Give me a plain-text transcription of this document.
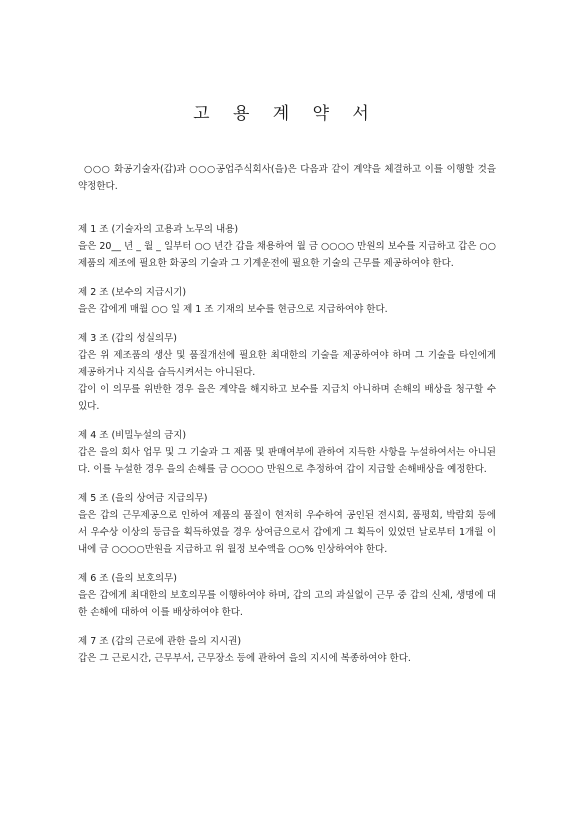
고 용 계 약 서

○○○ 화공기술자(갑)과 ○○○공업주식회사(을)은 다음과 같이 계약을 체결하고 이를 이행할 것을 약정한다.

제 1 조 (기술자의 고용과 노무의 내용)

을은 20__ 년 _ 월 _ 일부터 ○○ 년간 갑을 채용하여 월 금 ○○○○ 만원의 보수를 지급하고 갑은 ○○ 제품의 제조에 필요한 화공의 기술과 그 기계운전에 필요한 기술의 근무를 제공하여야 한다.

제 2 조 (보수의 지급시기)

을은 갑에게 매월 ○○ 일 제 1 조 기재의 보수를 현금으로 지급하여야 한다.

제 3 조 (갑의 성실의무)

갑은 위 제조품의 생산 및 품질개선에 필요한 최대한의 기술을 제공하여야 하며 그 기술을 타인에게 제공하거나 지식을 습득시켜서는 아니된다.

갑이 이 의무를 위반한 경우 을은 계약을 해지하고 보수를 지급치 아니하며 손해의 배상을 청구할 수 있다.

제 4 조 (비밀누설의 금지)

갑은 을의 회사 업무 및 그 기술과 그 제품 및 판매여부에 관하여 지득한 사항을 누설하여서는 아니된다. 이를 누설한 경우 을의 손해를 금 ○○○○ 만원으로 추정하여 갑이 지급할 손해배상을 예정한다.

제 5 조 (을의 상여금 지급의무)

을은 갑의 근무제공으로 인하여 제품의 품질이 현저히 우수하여 공인된 전시회, 품평회, 박람회 등에서 우수상 이상의 등급을 획득하였을 경우 상여금으로서 갑에게 그 획득이 있었던 날로부터 1개월 이내에 금 ○○○○만원을 지급하고 위 월정 보수액을 ○○% 인상하여야 한다.

제 6 조 (을의 보호의무)

을은 갑에게 최대한의 보호의무를 이행하여야 하며, 갑의 고의 과실없이 근무 중 갑의 신체, 생명에 대한 손해에 대하여 이를 배상하여야 한다.

제 7 조 (갑의 근로에 관한 을의 지시권)

갑은 그 근로시간, 근무부서, 근무장소 등에 관하여 을의 지시에 복종하여야 한다.
